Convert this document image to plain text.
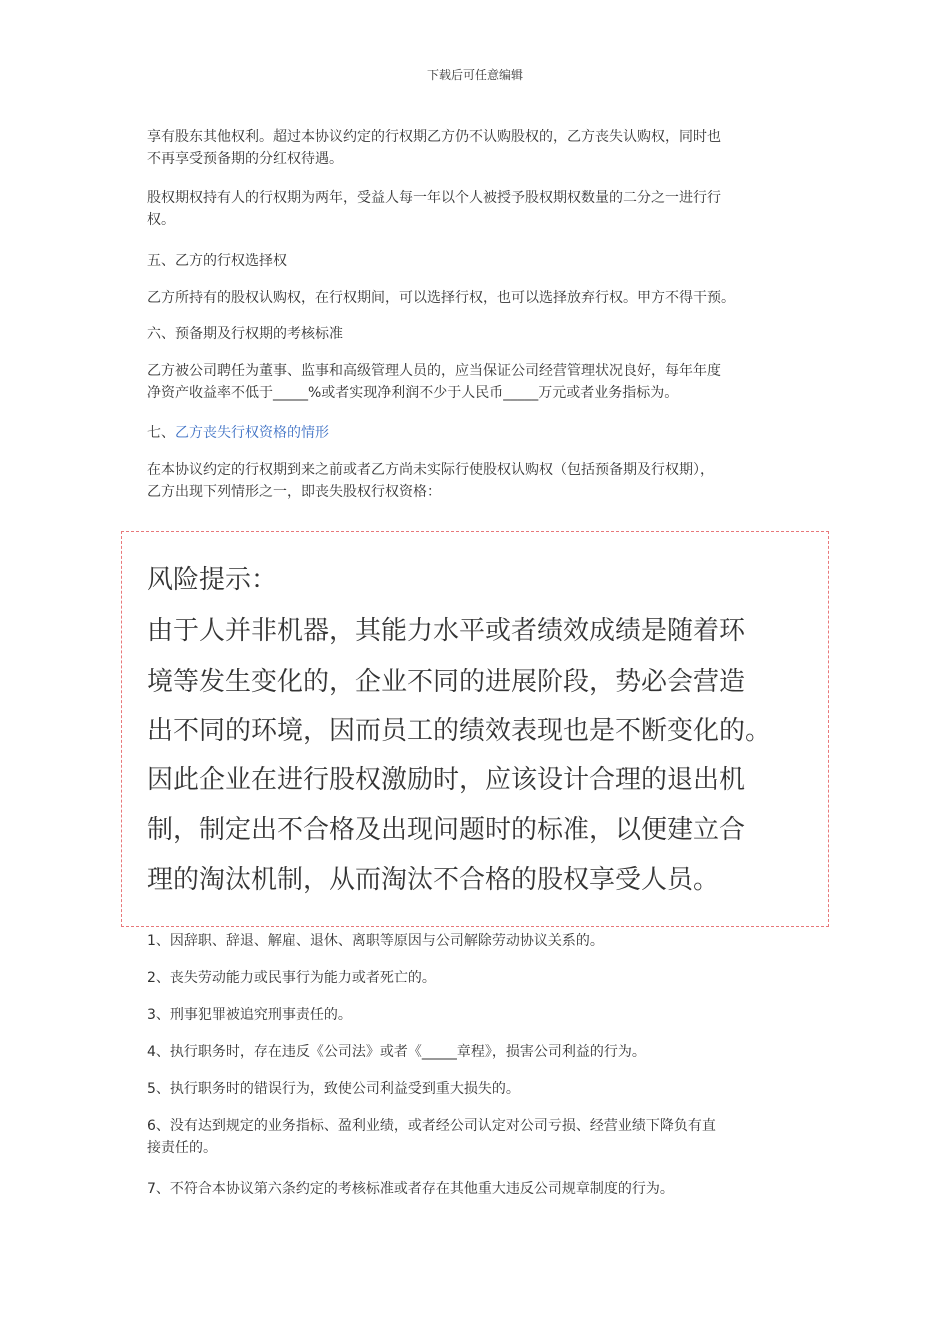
下载后可任意编辑
享有股东其他权利。超过本协议约定的行权期乙方仍不认购股权的，乙方丧失认购权，同时也
不再享受预备期的分红权待遇。
股权期权持有人的行权期为两年，受益人每一年以个人被授予股权期权数量的二分之一进行行
权。
五、乙方的行权选择权
乙方所持有的股权认购权，在行权期间，可以选择行权，也可以选择放弃行权。甲方不得干预。
六、预备期及行权期的考核标准
乙方被公司聘任为董事、监事和高级管理人员的，应当保证公司经营管理状况良好，每年年度
净资产收益率不低于_____%或者实现净利润不少于人民币_____万元或者业务指标为。
七、乙方丧失行权资格的情形
在本协议约定的行权期到来之前或者乙方尚未实际行使股权认购权（包括预备期及行权期），
乙方出现下列情形之一，即丧失股权行权资格：
风险提示：
由于人并非机器，其能力水平或者绩效成绩是随着环
境等发生变化的，企业不同的进展阶段，势必会营造
出不同的环境，因而员工的绩效表现也是不断变化的。
因此企业在进行股权激励时，应该设计合理的退出机
制，制定出不合格及出现问题时的标准，以便建立合
理的淘汰机制，从而淘汰不合格的股权享受人员。
1、因辞职、辞退、解雇、退休、离职等原因与公司解除劳动协议关系的。
2、丧失劳动能力或民事行为能力或者死亡的。
3、刑事犯罪被追究刑事责任的。
4、执行职务时，存在违反《公司法》或者《_____章程》，损害公司利益的行为。
5、执行职务时的错误行为，致使公司利益受到重大损失的。
6、没有达到规定的业务指标、盈利业绩，或者经公司认定对公司亏损、经营业绩下降负有直
接责任的。
7、不符合本协议第六条约定的考核标准或者存在其他重大违反公司规章制度的行为。
